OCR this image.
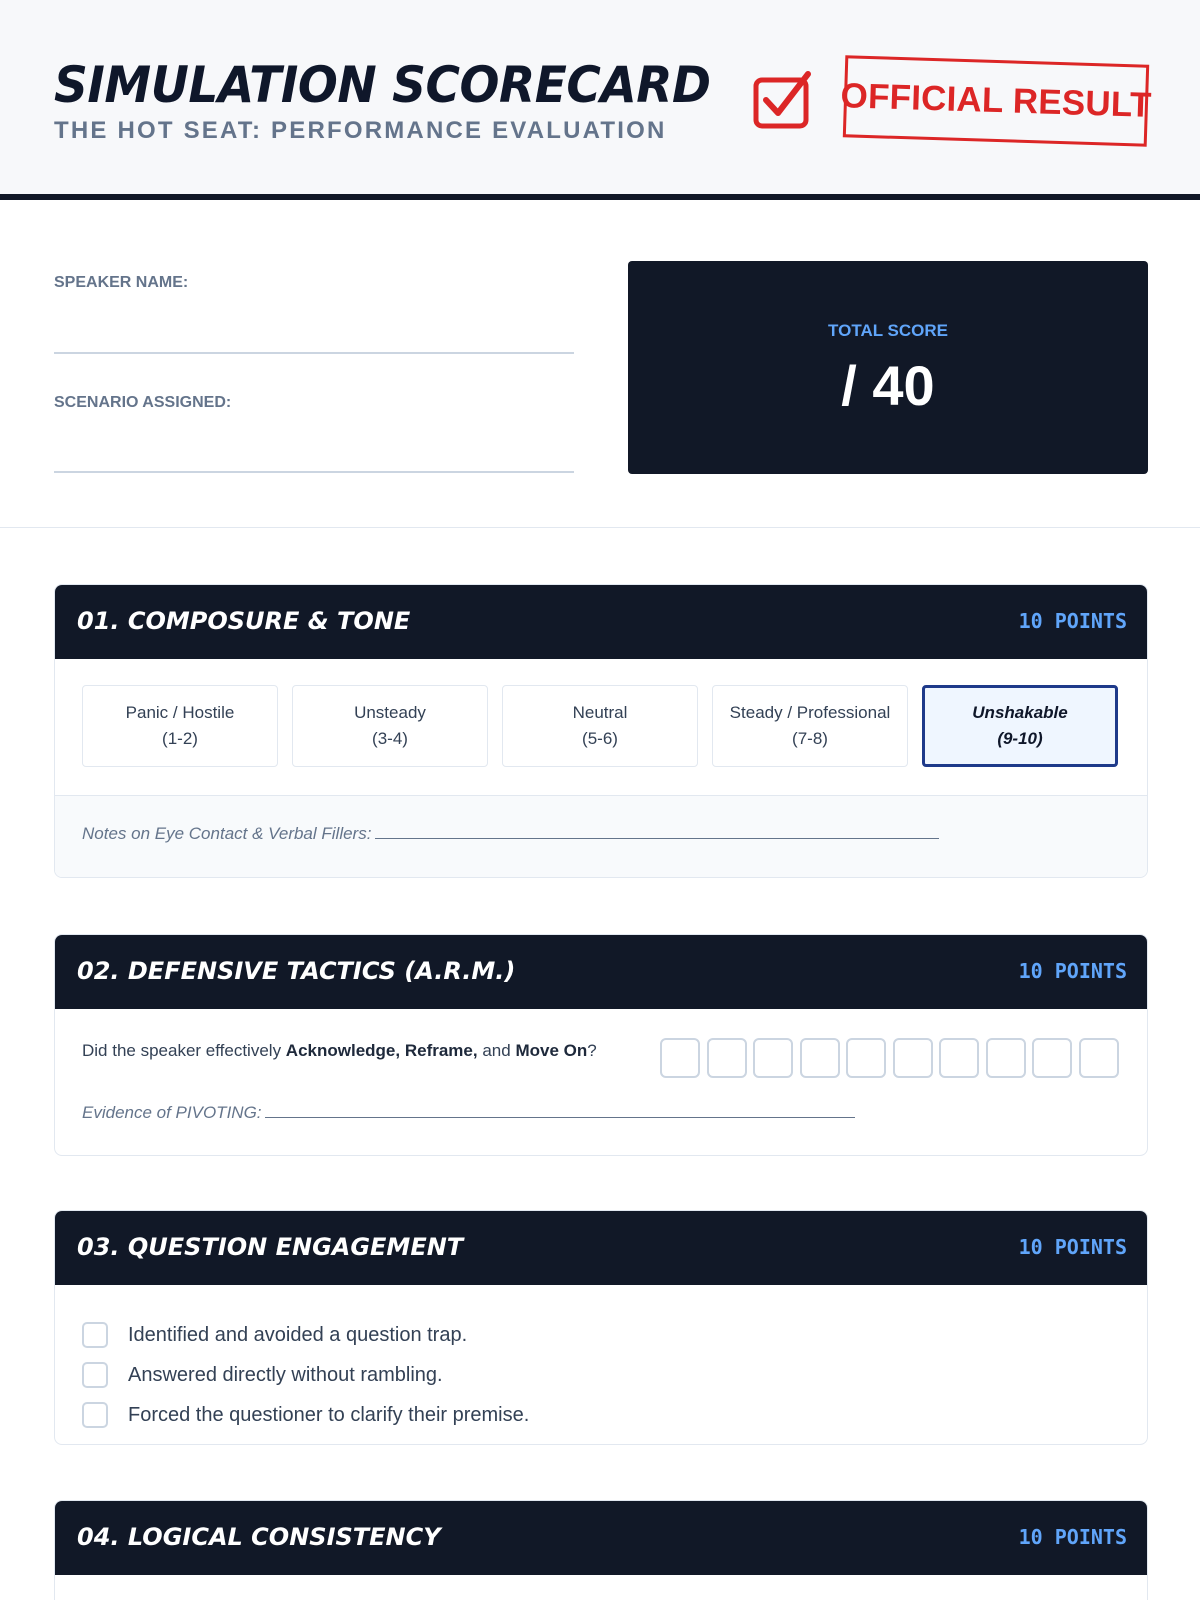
SIMULATION SCORECARD
THE HOT SEAT: PERFORMANCE EVALUATION
OFFICIAL RESULT
SPEAKER NAME:
SCENARIO ASSIGNED:
TOTAL SCORE
/ 40
01. COMPOSURE & TONE	10 POINTS
Panic / Hostile
(1-2)
Unsteady
(3-4)
Neutral
(5-6)
Steady / Professional
(7-8)
Unshakable
(9-10)
Notes on Eye Contact & Verbal Fillers:
02. DEFENSIVE TACTICS (A.R.M.)	10 POINTS
Did the speaker effectively Acknowledge, Reframe, and Move On?
Evidence of PIVOTING:
03. QUESTION ENGAGEMENT	10 POINTS
Identified and avoided a question trap.
Answered directly without rambling.
Forced the questioner to clarify their premise.
04. LOGICAL CONSISTENCY	10 POINTS
